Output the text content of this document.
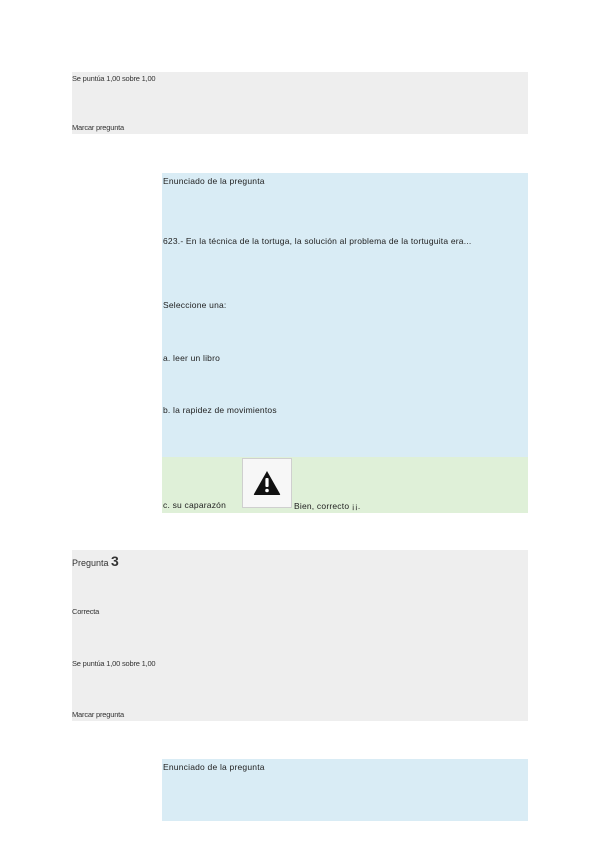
Se puntúa 1,00 sobre 1,00
Marcar pregunta
Enunciado de la pregunta
623.- En la técnica de la tortuga, la solución al problema de la tortuguita era...
Seleccione una:
a. leer un libro
b. la rapidez de movimientos
c. su caparazón	Bien, correcto ¡¡.
Pregunta 3
Correcta
Se puntúa 1,00 sobre 1,00
Marcar pregunta
Enunciado de la pregunta
